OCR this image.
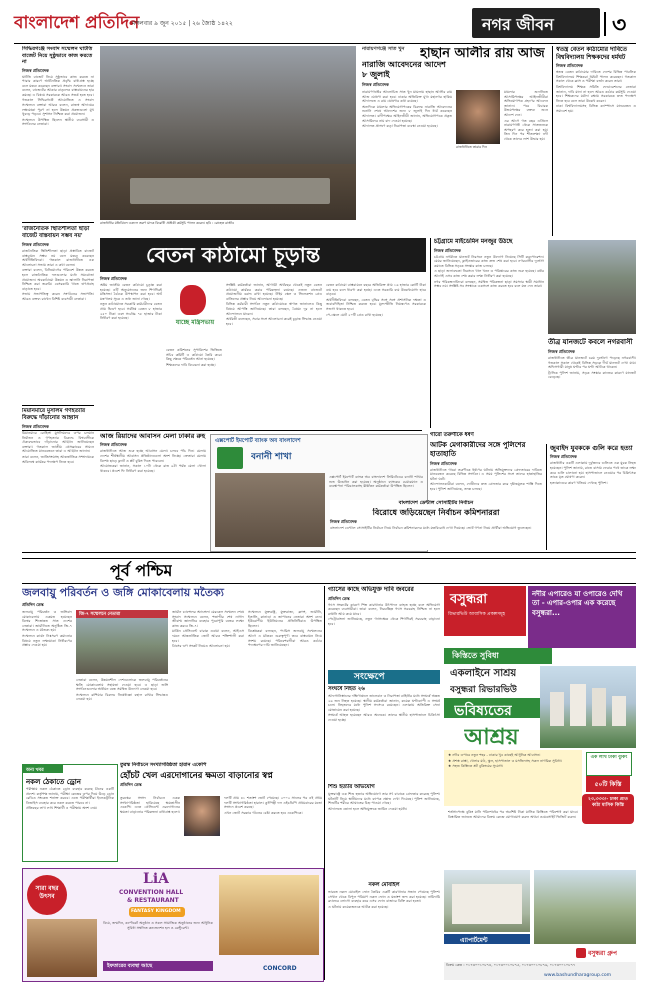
বাংলাদেশ প্রতিদিন
মঙ্গলবার ৯ জুন ২০১৫ | ২৬ জ্যৈষ্ঠ ১৪২২	নগর জীবন	৩
সিদ্ধিরগঞ্জে সংবাদ সম্মেলন ঘাটতি বাজেট নিয়ে সুষ্ঠুভাবে কাজ করতে না
নিজস্ব প্রতিবেদক

ঘাটতি বাজেট নিয়ে সুষ্ঠুভাবে কাজ করতে না পারার কারণে অর্থনৈতিক প্রবৃদ্ধি বাধাগ্রস্ত হচ্ছে বলে মন্তব্য করেছেন বক্তারা। সংবাদ সম্মেলনে তারা বলেন, বাজেটের আকার বাড়লেও বাস্তবায়নের হার কমছে। এ বিষয়ে সরকারকে আরও সতর্ক হতে হবে।

গতকাল সিদ্ধিরগঞ্জে আয়োজিত এ সংবাদ সম্মেলনে বক্তারা আরও বলেন, রাজস্ব আদায়ের লক্ষ্যমাত্রা পূরণ না হলে উন্নয়ন প্রকল্পগুলো মুখ থুবড়ে পড়বে। সুশাসন নিশ্চিত করা প্রয়োজন।

সম্মেলনে উপস্থিত ছিলেন স্থানীয় ব্যবসায়ী ও সংগঠনের নেতারা।

'রাজনৈতিক স্থিতিশীলতা ছাড়া বাজেট বাস্তবায়ন সম্ভব নয়'
নিজস্ব প্রতিবেদক

রাজনৈতিক স্থিতিশীলতা ছাড়া প্রস্তাবিত বাজেট বাস্তবায়ন সম্ভব নয় বলে মন্তব্য করেছেন অর্থনীতিবিদরা। গতকাল রাজধানীতে এক আলোচনা সভায় তারা এ কথা বলেন।

বক্তারা বলেন, বিনিয়োগের পরিবেশ উন্নত করতে হলে রাজনৈতিক দলগুলোর মধ্যে সমঝোতা প্রয়োজন। অবকাঠামো উন্নয়ন ও জ্বালানি নিরাপত্তা নিশ্চিত করা জরুরি। বেসরকারি খাতে ঋণপ্রবাহ বাড়াতে হবে।

সভায় সভাপতিত্ব করেন সংগঠনের সভাপতি। আরও বক্তব্য রাখেন বিশিষ্ট ব্যবসায়ী নেতারা।

মিয়ানমারে মুসলিম গণহত্যার বিরুদ্ধে দাঁড়ানোর আহ্বান
নিজস্ব প্রতিবেদক

মিয়ানমারে রোহিঙ্গা মুসলিমদের ওপর চলমান নির্যাতন ও গণহত্যার বিরুদ্ধে বিশ্ববাসীকে ঐক্যবদ্ধভাবে দাঁড়ানোর আহ্বান জানিয়েছেন বক্তারা। গতকাল জাতীয় প্রেসক্লাবের সামনে আয়োজিত মানববন্ধনে তারা এ আহ্বান জানান।

তারা বলেন, জাতিসংঘসহ আন্তর্জাতিক সম্প্রদায়কে অবিলম্বে কার্যকর পদক্ষেপ নিতে হবে।

রাজধানীর মতিঝিলে একদল তরুণ মাদক বিরোধী প্রতীকী কর্মসূচি পালন করেন। ছবি : রোহেত রাজীব
নারায়ণগঞ্জে সাত খুন	হাছান আলীর রায় আজ
নারাজি আবেদনের আদেশ ৮ জুলাই
নিজস্ব প্রতিবেদক

নারায়ণগঞ্জের আলোচিত সাত খুন মামলায় হাছান আলীর রায় আজ ঘোষণা করা হবে। ঢাকার অতিরিক্ত মুখ্য মহানগর হাকিম আদালতে এ রায় ঘোষণার কথা রয়েছে।

অন্যদিকে মামলার অভিযোগপত্রের বিরুদ্ধে নারাজি আবেদনের শুনানি শেষে আদেশের জন্য ৮ জুলাই দিন ধার্য করেছেন আদালত। বাদীপক্ষের আইনজীবী জানান, অভিযোগপত্রে প্রকৃত আসামিদের নাম বাদ দেওয়া হয়েছে।

আদালত প্রাঙ্গণে কড়া নিরাপত্তা ব্যবস্থা নেওয়া হয়েছে।

রাজধানীতে তারার দিন

মামলার শুনানিতে আসামিপক্ষের আইনজীবীরা অভিযোগপত্র গ্রহণের আবেদন জানান। পরে বিচারক উভয়পক্ষের বক্তব্য শুনে আদেশ দেন।

এর আগে গত বছর এপ্রিলে নারায়ণগঞ্জ থেকে সাতজনকে অপহরণ করে হত্যা করা হয়। তিন দিন পর শীতলক্ষ্যা নদী থেকে তাদের লাশ উদ্ধার হয়।

স্বতন্ত্র বেতন কাঠামোর দাবিতে বিশ্ববিদ্যালয় শিক্ষকদের ধর্মঘট
নিজস্ব প্রতিবেদক

স্বতন্ত্র বেতন কাঠামোর দাবিতে দেশের বিভিন্ন পাবলিক বিশ্ববিদ্যালয়ে শিক্ষকরা ধর্মঘট পালন করেছেন। গতকাল সকাল থেকে ক্লাস ও পরীক্ষা বর্জন করেন তারা।

বিশ্ববিদ্যালয় শিক্ষক সমিতি ফেডারেশনের নেতারা জানান, দাবি মানা না হলে আরও কঠোর কর্মসূচি দেওয়া হবে। শিক্ষকদের মর্যাদা রক্ষায় সরকারকে দ্রুত পদক্ষেপ নিতে হবে বলে তারা উল্লেখ করেন।

ঢাকা বিশ্ববিদ্যালয়সহ বিভিন্ন ক্যাম্পাসে মানববন্ধন ও সমাবেশ হয়।

বেতন কাঠামো চূড়ান্ত
নিজস্ব প্রতিবেদক

অষ্টম জাতীয় বেতন কাঠামো চূড়ান্ত করা হয়েছে। এটি অনুমোদনের জন্য শিগগিরই মন্ত্রিসভা বৈঠকে উপস্থাপন করা হবে। অর্থ মন্ত্রণালয় সূত্রে এ তথ্য জানা গেছে।

নতুন কাঠামোতে সরকারি কর্মচারীদের বেতন প্রায় দ্বিগুণ হবে। সর্বনিম্ন বেতন ৮ হাজার ২৫০ টাকা এবং সর্বোচ্চ ৭৮ হাজার টাকা নির্ধারণ করা হয়েছে।

যাচ্ছে মন্ত্রিসভায়

বেতন কমিশনের সুপারিশের ভিত্তিতে সচিব কমিটি এ কাঠামো তৈরি করে। কিছু ক্ষেত্রে পরিবর্তন আনা হয়েছে।

শিক্ষকদের দাবি বিবেচনা করা হচ্ছে।

সংশ্লিষ্ট কর্মকর্তারা জানান, আগামী অর্থবছর থেকেই নতুন বেতন কাঠামো কার্যকর করার পরিকল্পনা রয়েছে। এজন্য বাজেটে প্রয়োজনীয় বরাদ্দ রাখা হয়েছে। টাইম স্কেল ও সিলেকশন গ্রেড বাতিলের প্রস্তাব নিয়ে আলোচনা হয়েছে।

বিভিন্ন কর্মচারী সংগঠন নতুন কাঠামোকে স্বাগত জানালেও কিছু বিষয়ে আপত্তি জানিয়েছে। তারা বলছেন, বৈষম্য দূর না হলে আন্দোলনে যাবেন।

অর্থমন্ত্রী বলেছেন, সবার সঙ্গে আলোচনা করেই চূড়ান্ত সিদ্ধান্ত নেওয়া হবে।

বেতন কাঠামো বাস্তবায়নে বছরে অতিরিক্ত প্রায় ১৬ হাজার কোটি টাকা ব্যয় হবে বলে ধারণা করা হচ্ছে। এতে সরকারি ব্যয় উল্লেখযোগ্য হারে বাড়বে।

অর্থনীতিবিদরা বলছেন, বেতন বৃদ্ধির সঙ্গে সঙ্গে প্রশাসনিক দক্ষতা ও জবাবদিহিতা নিশ্চিত করতে হবে। মূল্যস্ফীতি নিয়ন্ত্রণেও সরকারকে সজাগ থাকতে হবে।

পে-স্কেলে মোট ২০টি গ্রেড রাখা হয়েছে।

চট্টগ্রামে মাইডেমিন মনজুর উঠছে
নিজস্ব প্রতিবেদক

চট্টগ্রাম নগরীতে যানজট নিরসনে নতুন উদ্যোগ নিয়েছে সিটি করপোরেশন। মেয়র জানিয়েছেন, ফ্লাইওভারের কাজ দ্রুত শেষ করা হবে। নগরবাসীর দুর্ভোগ কমাতে বিভিন্ন সড়কে সংস্কার কাজ চলছে।

এ ছাড়া জলাবদ্ধতা নিরসনে খাল খনন ও পরিষ্কারের কাজ শুরু হয়েছে। বর্ষার আগেই এসব কাজ শেষ করার লক্ষ্য নির্ধারণ করা হয়েছে।

নগর পরিকল্পনাবিদরা বলছেন, সমন্বিত পরিকল্পনা ছাড়া সমস্যার স্থায়ী সমাধান সম্ভব নয়। সংশ্লিষ্ট সব সংস্থাকে একসঙ্গে কাজ করতে হবে বলে মত দেন তারা।

তীব্র যানজটে কবলে নগরবাসী
নিজস্ব প্রতিবেদক

রাজধানীতে তীব্র যানজটে চরম দুর্ভোগে পড়েছে নগরবাসী। গতকাল সকাল থেকেই বিভিন্ন সড়কে দীর্ঘ যানজট দেখা যায়। অফিসগামী মানুষ ঘণ্টার পর ঘণ্টা আটকে থাকেন।

ট্রাফিক পুলিশ জানায়, সড়ক সংস্কার কাজের কারণে যানজট বেড়েছে।

আজ রিয়াদের আবাসন মেলা ঢাকার রুহ
নিজস্ব প্রতিবেদক

রাজধানীতে আজ শুরু হচ্ছে আবাসন মেলা। চলবে পাঁচ দিন। মেলায় দেশের শীর্ষস্থানীয় আবাসন প্রতিষ্ঠানগুলো অংশ নিচ্ছে। ক্রেতারা মেলায় বিশেষ ছাড়ে ফ্ল্যাট ও প্লট বুকিং দিতে পারবেন।

আয়োজকরা জানান, সকাল ১০টা থেকে রাত ৯টা পর্যন্ত মেলা খোলা থাকবে। প্রবেশ ফি নির্ধারণ করা হয়েছে।

এক্সপোর্ট ইমপোর্ট ব্যাংক অব বাংলাদেশ
বনানী শাখা

এক্সপোর্ট ইমপোর্ট ব্যাংক অব বাংলাদেশ লিমিটেডের বনানী শাখার শুভ উদ্বোধন করা হয়েছে। অনুষ্ঠানে ব্যাংকের চেয়ারম্যান ও ব্যবস্থাপনা পরিচালকসহ ঊর্ধ্বতন কর্মকর্তারা উপস্থিত ছিলেন।

গারো তরুণীকে ধর্ষণ
আটক মেগাকারীদের সঙ্গে পুলিশের হাতাহাতি
নিজস্ব প্রতিবেদক

রাজধানীতে গারো তরুণীকে ধর্ষণের ঘটনায় অভিযুক্তদের গ্রেফতারের দাবিতে মানববন্ধন করেছে বিভিন্ন সংগঠন। এ সময় পুলিশের সঙ্গে তাদের হাতাহাতির ঘটনা ঘটে।

আন্দোলনকারীরা বলেন, দোষীদের দ্রুত গ্রেফতার করে দৃষ্টান্তমূলক শাস্তি দিতে হবে। পুলিশ জানিয়েছে, তদন্ত চলছে।

জুবাইদ যুবককে গুলি করে হত্যা
নিজস্ব প্রতিবেদক

রাজধানীর একটি এলাকায় দুর্বৃত্তদের গুলিতে এক যুবক নিহত হয়েছেন। পুলিশ জানায়, রাতে বাসায় ফেরার পথে তাকে লক্ষ্য করে গুলি চালানো হয়। হাসপাতালে নেওয়ার পর চিকিৎসক তাকে মৃত ঘোষণা করেন।

হত্যাকাণ্ডের কারণ খতিয়ে দেখছে পুলিশ।

পূর্ব পশ্চিম
জলবায়ু পরিবর্তন ও জঙ্গি মোকাবেলায় মতৈক্য
প্রতিদিন ডেস্ক

জলবায়ু পরিবর্তন ও জঙ্গিবাদ মোকাবেলায় একমত হয়েছেন বিশ্বের শিল্পোন্নত সাত দেশের নেতারা। জার্মানিতে অনুষ্ঠিত জি-৭ সম্মেলনে এ মতৈক্য হয়।

সম্মেলনে কার্বন নিঃসরণ কমানোর বিষয়ে নতুন লক্ষ্যমাত্রা নির্ধারণের প্রস্তাব দেওয়া হয়।

জি-৭ সম্মেলনে নেতারা

নেতারা বলেন, উন্নয়নশীল দেশগুলোকে জলবায়ু পরিবর্তনের ক্ষতি মোকাবেলায় সহায়তা দেওয়া হবে। এ ছাড়া জঙ্গি সংগঠনগুলোর অর্থায়ন বন্ধে সমন্বিত উদ্যোগ নেওয়া হবে।

সম্মেলনে রাশিয়ার বিরুদ্ধে নিষেধাজ্ঞা বহাল রাখার সিদ্ধান্তও নেওয়া হয়।

জার্মান চ্যান্সেলর অ্যাঙ্গেলা মেরকেল সম্মেলন শেষে সংবাদ সম্মেলনে বলেন, শতাব্দীর শেষ নাগাদ জীবাশ্ম জ্বালানির ব্যবহার পুরোপুরি বন্ধের লক্ষ্যে কাজ করবে জি-৭।

মার্কিন প্রেসিডেন্ট বারাক ওবামা বলেন, আইএস দমনে আন্তর্জাতিক জোট আরও শক্তিশালী করা হবে।

গ্রিসের ঋণ সংকট নিয়েও আলোচনা হয়।

সম্মেলনে যুক্তরাষ্ট্র, যুক্তরাজ্য, ফ্রান্স, জার্মানি, ইতালি, কানাডা ও জাপানের নেতারা অংশ নেন। ইউরোপীয় ইউনিয়নের প্রতিনিধিরাও উপস্থিত ছিলেন।

বিশ্লেষকরা বলছেন, প্যারিস জলবায়ু সম্মেলনের আগে এ মতৈক্য গুরুত্বপূর্ণ। তবে বাস্তবায়ন নিয়ে সংশয় রয়েছে। পরিবেশবাদীরা আরও কঠোর পদক্ষেপের দাবি জানিয়েছেন।

অন্য খবর
নকল ঠেকাতে ড্রোন

পরীক্ষায় নকল ঠেকাতে ড্রোন ব্যবহার করছে চীনের একটি প্রদেশ। কর্তৃপক্ষ জানায়, পরীক্ষা কেন্দ্রের ওপর দিয়ে উড়ে ড্রোন রেডিও সংকেত শনাক্ত করবে। এতে পরীক্ষার্থীরা ইলেকট্রনিক ডিভাইস ব্যবহার করে নকল করতে পারবে না।

প্রতিবছর লাখ লাখ শিক্ষার্থী এ পরীক্ষায় অংশ নেয়।

তুরস্ক নির্বাচনে সংখ্যাগরিষ্ঠতা হারান একেপি
হোঁচট খেল এরদোগানের ক্ষমতা বাড়ানোর স্বপ্ন
প্রতিদিন ডেস্ক

তুরস্কের সংসদ নির্বাচনে একক সংখ্যাগরিষ্ঠতা হারিয়েছে ক্ষমতাসীন একেপি। এতে প্রেসিডেন্ট এরদোগানের ক্ষমতা বাড়ানোর পরিকল্পনা বাধাগ্রস্ত হলো।

দলটি প্রায় ৪১ শতাংশ ভোট পেয়েছে। ২০০২ সালের পর এই প্রথম দলটি সংখ্যাগরিষ্ঠতা হারাল। কুর্দিপন্থী দল এইচডিপি প্রথমবারের মতো সংসদে প্রবেশ করছে।

এখন জোট সরকার গঠনের চেষ্টা করতে হবে একেপিকে।

সারা বছর উৎসব
LiA
CONVENTION HALL
& RESTAURANT
FANTASY KINGDOM

বিয়ে, জন্মদিন, কর্পোরেট অনুষ্ঠান ও সকল সামাজিক অনুষ্ঠানের জন্য আধুনিক সুবিধা সম্বলিত কনভেনশন হল ও রেস্টুরেন্ট।

ইফতারের ব্যবস্থা আছে	CONCORD
গ্যাসের কাছে অভিযুক্ত দাবি জবরের
প্রতিদিন ডেস্ক

গ্যাস সংকটের কারণে শিল্প কারখানার উৎপাদন ব্যাহত হচ্ছে বলে অভিযোগ করেছেন ব্যবসায়ীরা। তারা বলেন, নিরবচ্ছিন্ন গ্যাস সরবরাহ নিশ্চিত না হলে রপ্তানি আয় কমে যাবে।

পেট্রোবাংলা জানিয়েছে, নতুন গ্যাসক্ষেত্র থেকে শিগগিরই সরবরাহ বাড়ানো হবে।

সংক্ষেপে
সংঘর্ষে নিহত ২৬

আফগানিস্তানের দক্ষিণাঞ্চলে তালেবান ও নিরাপত্তা বাহিনীর মধ্যে সংঘর্ষে অন্তত ২৬ জন নিহত হয়েছে। স্থানীয় কর্মকর্তারা জানান, কয়েক ঘণ্টাব্যাপী এ সংঘর্ষ চলে। নিহতদের মধ্যে পুলিশ সদস্যও রয়েছেন। এলাকায় অতিরিক্ত সেনা মোতায়েন করা হয়েছে।

সংঘর্ষে আহত হয়েছেন আরও অনেকে। তাদের স্থানীয় হাসপাতালে চিকিৎসা দেওয়া হচ্ছে।

শিশু হত্যার অভিযোগ

যুক্তরাষ্ট্রে এক শিশু হত্যার অভিযোগে তার সৎ বাবাকে গ্রেফতার করেছে পুলিশ। ঘটনাটি নিয়ে স্থানীয়দের মধ্যে ব্যাপক ক্ষোভ দেখা দিয়েছে। পুলিশ জানিয়েছে, শিশুটির শরীরে আঘাতের চিহ্ন পাওয়া গেছে।

আদালতে তোলা হলে অভিযুক্তকে জামিন দেওয়া হয়নি।

নকল মোবাইল

ভারতে নকল মোবাইল ফোন তৈরির একটি কারখানার সন্ধান পেয়েছে পুলিশ। সেখান থেকে বিপুল পরিমাণ নকল ফোন ও যন্ত্রাংশ জব্দ করা হয়েছে। নামিদামি ব্র্যান্ডের লোগো ব্যবহার করে এসব ফোন বাজারে বিক্রি করা হতো।

এ ঘটনায় কয়েকজনকে আটক করা হয়েছে।

বসুন্ধরা
রিভারভিউ আবাসিক প্রকল্পসমূহ
নদীর এপারেও যা ওপারেও দেখি তা - এপার-ওপার এক করেছে বসুন্ধরা...
কিস্তিতে সুবিধা
একলাইনে সাশ্রয়
বসুন্ধরা রিভারভিউ
ভবিষ্যতের
আশ্রয়

★ নদীর ওপারে নতুন শহর - ঢাকার খুব কাছেই আধুনিক আবাসন।

★ প্রশস্ত রাস্তা, খেলার মাঠ, স্কুল, হাসপাতাল ও মসজিদসহ সকল নাগরিক সুবিধা।

★ সহজ কিস্তিতে প্লট বুকিংয়ের সুযোগ।

এক লাখ টাকা বুকিং
৫০টি কিস্তি
২৩,৩৩৩/- টাকা প্রতি কাঠা মাসিক কিস্তি

শর্তসাপেক্ষে বুকিং মানি পরিশোধের পর অবশিষ্ট টাকা মাসিক কিস্তিতে পরিশোধ করা যাবে। বিস্তারিত জানতে আমাদের বিক্রয় কেন্দ্রে যোগাযোগ করুন অথবা ওয়েবসাইট ভিজিট করুন।

এ্যাপার্টমেন্ট
বসুন্ধরা গ্রুপ
বিক্রয় কেন্দ্র : ০১৭৩০০১০৮৭৪, ০১৭৩০০১০৮৭৫, ০১৭৩০০১০৮৭৬, ০১৭৩০০১০৮৭৭
www.bashundharagroup.com
বাংলাদেশ ডেন্টাল সোসাইটির নির্বাচন
বিরোধে জড়িয়েছেন নির্বাচন কমিশনাররা
নিজস্ব প্রতিবেদক
বাংলাদেশ ডেন্টাল সোসাইটির নির্বাচন নিয়ে নির্বাচন কমিশনারদের মধ্যে মতবিরোধ দেখা দিয়েছে। ভোট গণনা নিয়ে প্রার্থীরা অভিযোগ তুলেছেন।
